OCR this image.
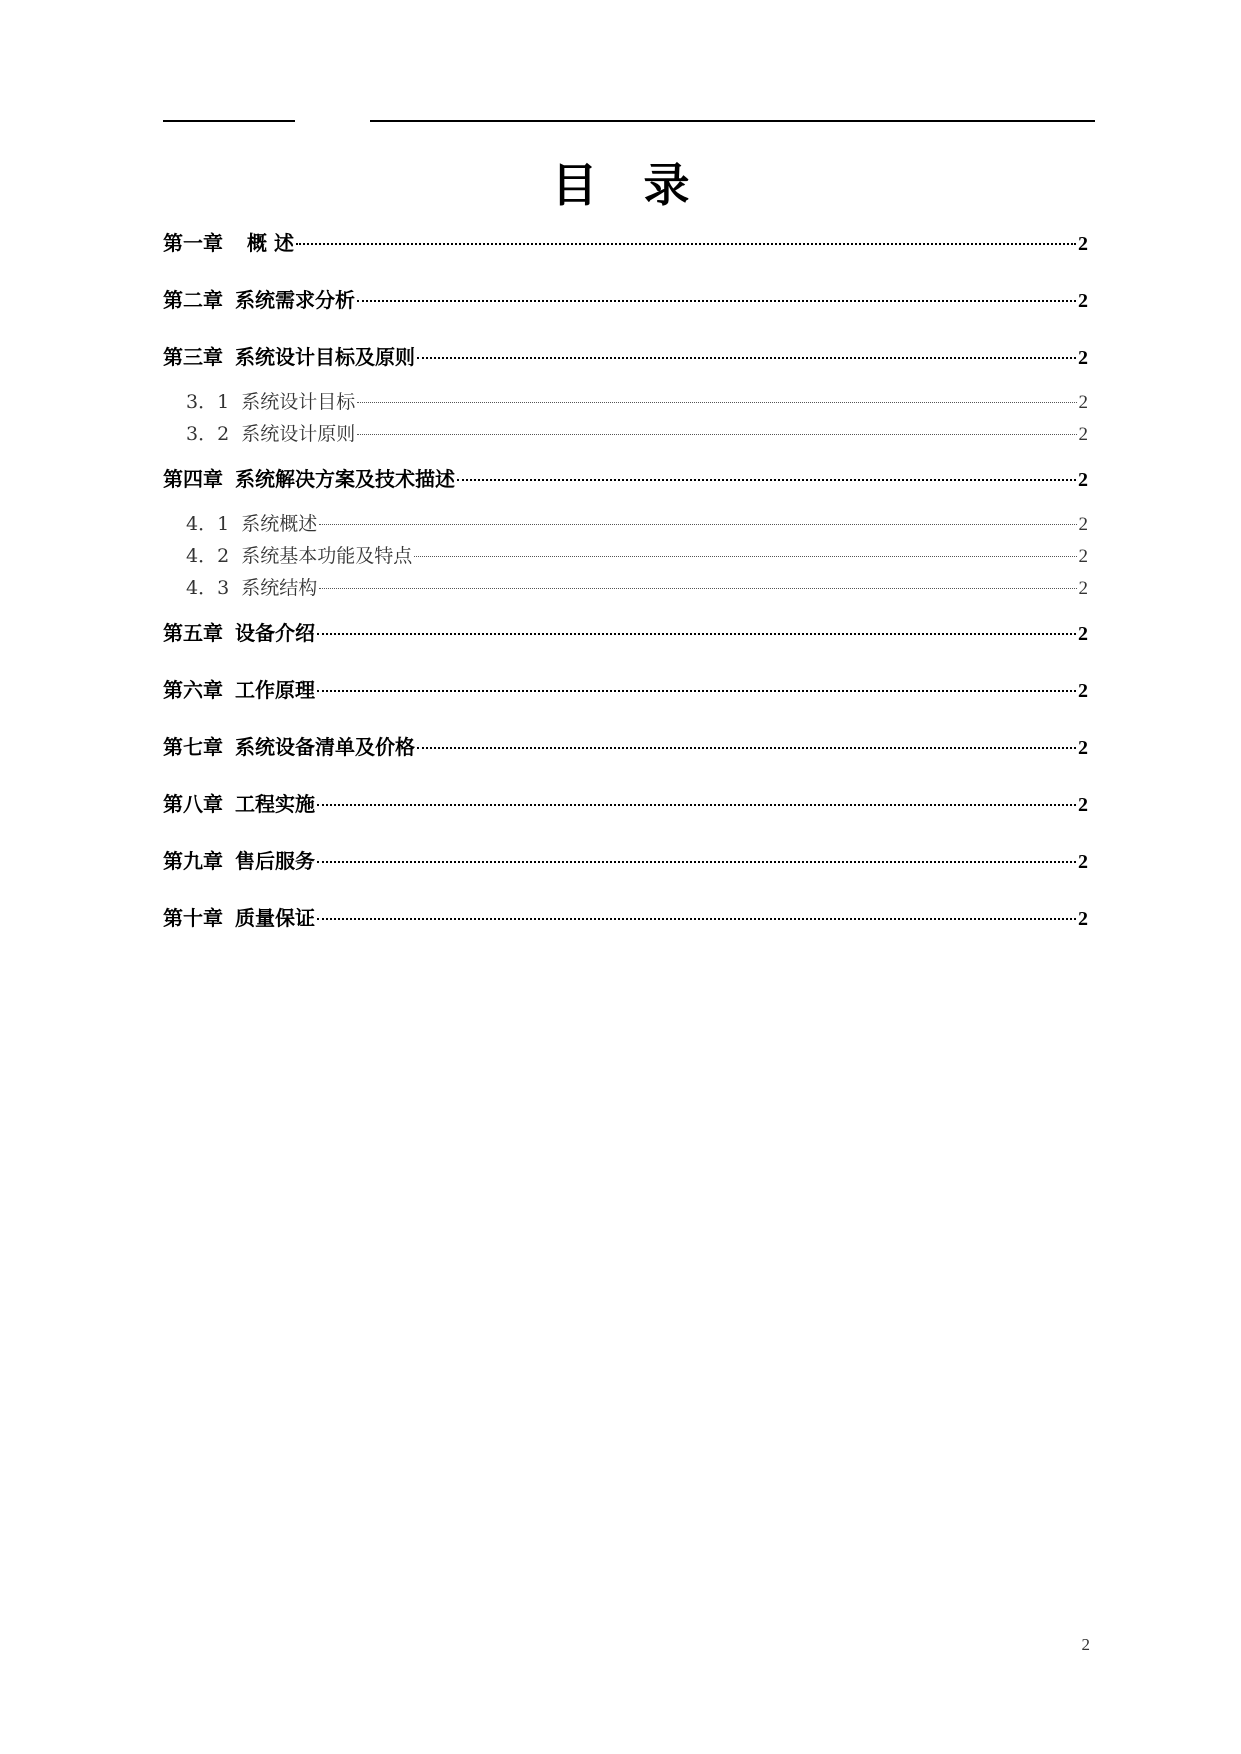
目录
第一章 概 述	2
第二章 系统需求分析	2
第三章 系统设计目标及原则	2
3．1 系统设计目标	2
3．2 系统设计原则	2
第四章 系统解决方案及技术描述	2
4．1 系统概述	2
4．2 系统基本功能及特点	2
4．3 系统结构	2
第五章 设备介绍	2
第六章 工作原理	2
第七章 系统设备清单及价格	2
第八章 工程实施	2
第九章 售后服务	2
第十章 质量保证	2
2
